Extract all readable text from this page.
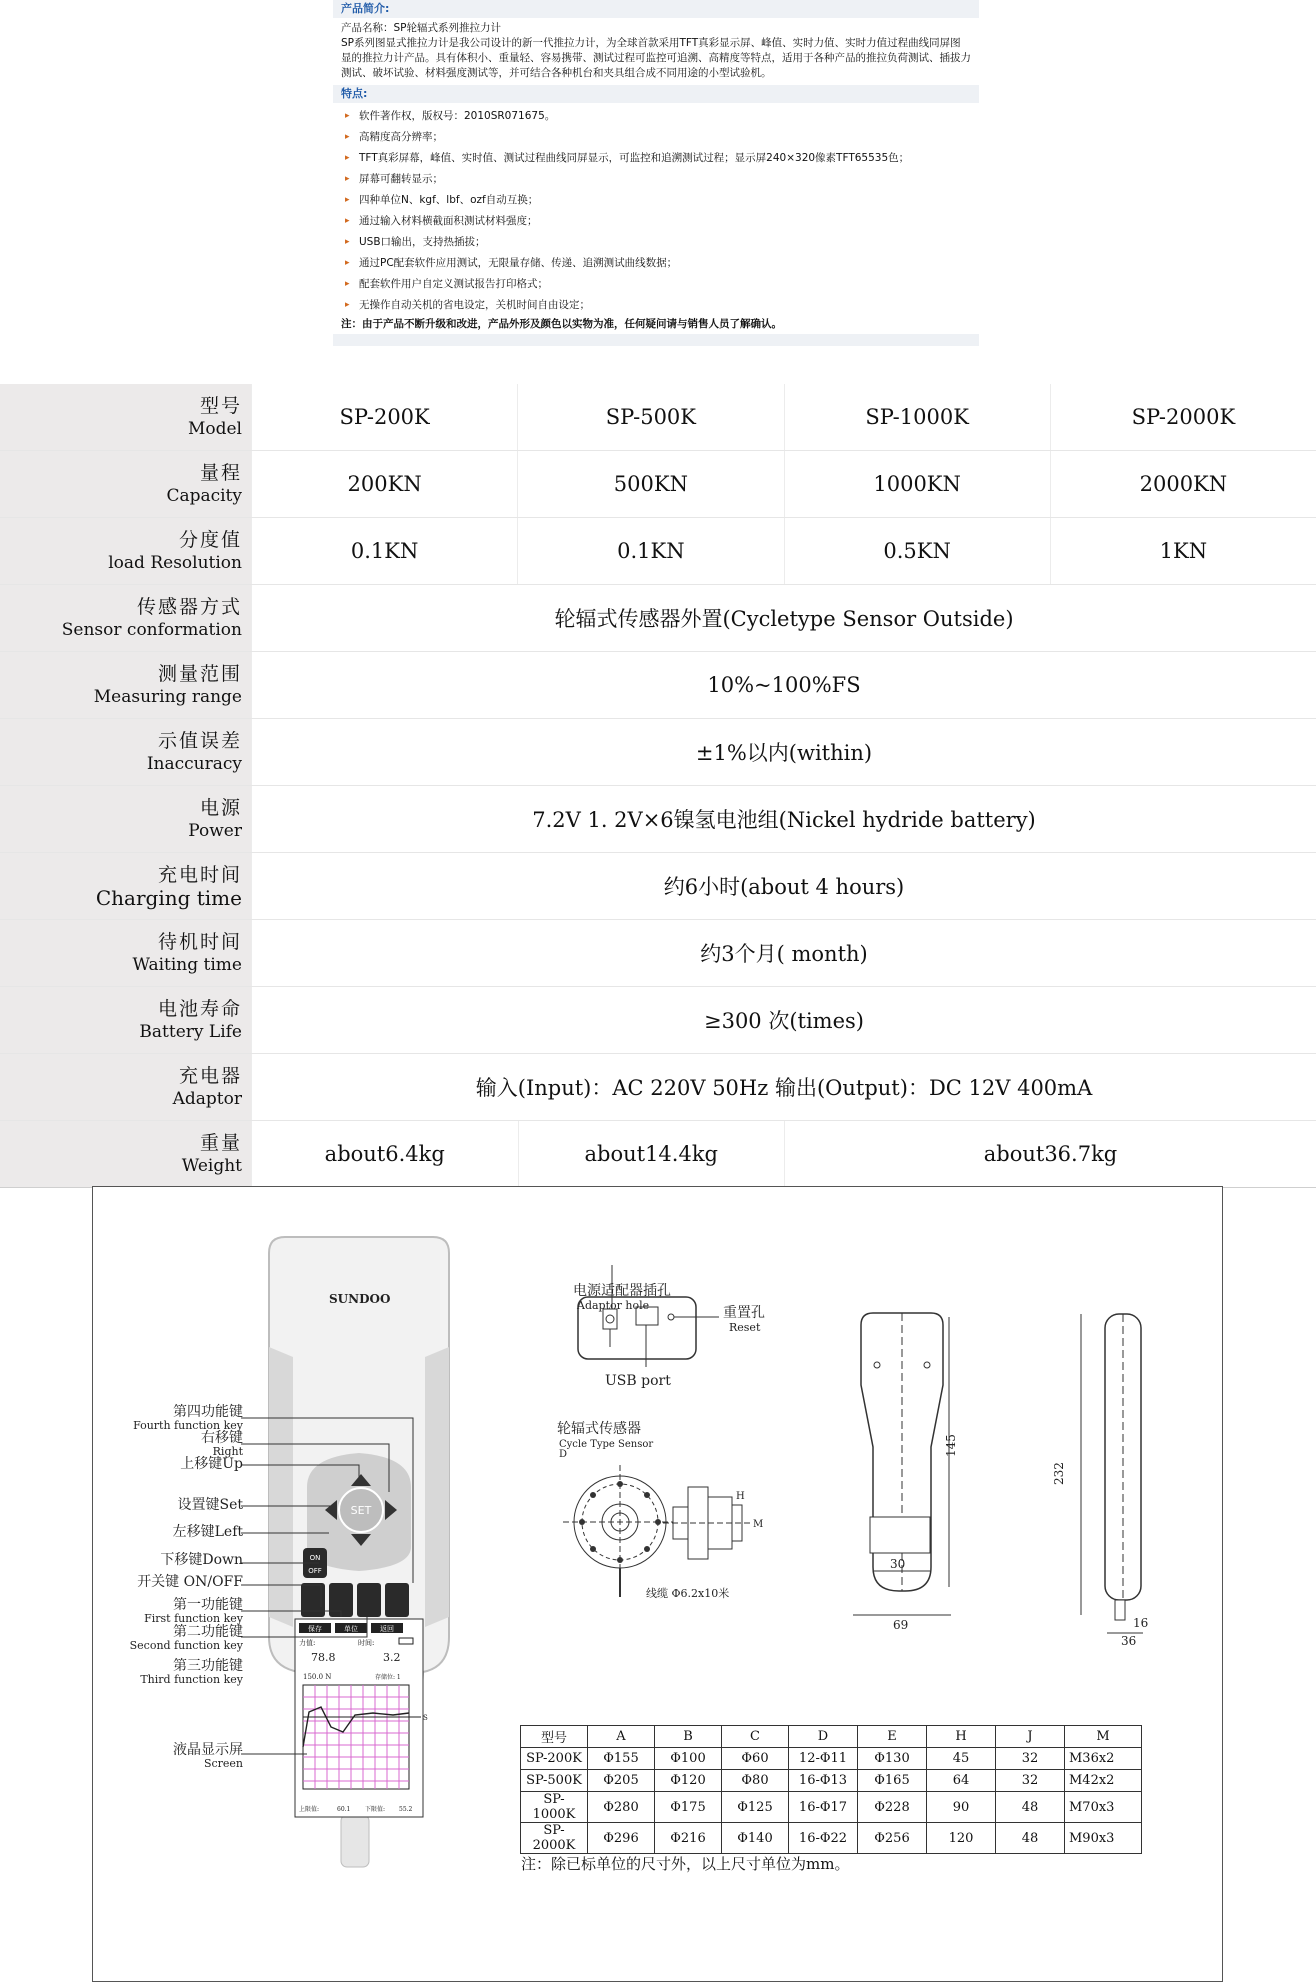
产品简介:

产品名称：SP轮辐式系列推拉力计

SP系列图显式推拉力计是我公司设计的新一代推拉力计，为全球首款采用TFT真彩显示屏、峰值、实时力值、实时力值过程曲线同屏图显的推拉力计产品。具有体积小、重量轻、容易携带、测试过程可监控可追溯、高精度等特点，适用于各种产品的推拉负荷测试、插拔力测试、破坏试验、材料强度测试等，并可结合各种机台和夹具组合成不同用途的小型试验机。

特点:
▸ 软件著作权，版权号：2010SR071675。
▸ 高精度高分辨率；
▸ TFT真彩屏幕，峰值、实时值、测试过程曲线同屏显示，可监控和追溯测试过程；显示屏240×320像素TFT65535色；
▸ 屏幕可翻转显示；
▸ 四种单位N、kgf、lbf、ozf自动互换；
▸ 通过输入材料横截面积测试材料强度；
▸ USB口输出，支持热插拔；
▸ 通过PC配套软件应用测试，无限量存储、传递、追溯测试曲线数据；
▸ 配套软件用户自定义测试报告打印格式；
▸ 无操作自动关机的省电设定，关机时间自由设定；

注：由于产品不断升级和改进，产品外形及颜色以实物为准，任何疑问请与销售人员了解确认。

型号
Model	SP-200K	SP-500K	SP-1000K	SP-2000K
量程
Capacity	200KN	500KN	1000KN	2000KN
分度值
load Resolution	0.1KN	0.1KN	0.5KN	1KN
传感器方式
Sensor conformation	轮辐式传感器外置(Cycletype Sensor Outside)
测量范围
Measuring range	10%~100%FS
示值误差
Inaccuracy	±1%以内(within)
电源
Power	7.2V 1. 2V×6镍氢电池组(Nickel hydride battery)
充电时间
Charging time	约6小时(about 4 hours)
待机时间
Waiting time	约3个月( month)
电池寿命
Battery Life	≥300 次(times)
充电器
Adaptor	输入(Input)：AC 220V 50Hz 输出(Output)：DC 12V 400mA
重量
Weight	about6.4kg	about14.4kg	about36.7kg
SUNDOO
SET
ON
OFF
保存	单位	返回
力值:	时间:
78.8	3.2
150.0 N	存储位: 1
S
上限值:	60.1 下限值: 55.2
电源适配器插孔
Adaptor hole	重置孔
Reset
USB port
轮辐式传感器
Cycle Type Sensor
D
H
M
线缆 Φ6.2x10米
145
30
69
232
16
36
第四功能键
Fourth function key
右移键
Right
上移键Up
设置键Set
左移键Left
下移键Down
开关键 ON/OFF
第一功能键
First function key
第二功能键
Second function key
第三功能键
Third function key
液晶显示屏
Screen
型号	A	B	C	D	E	H	J	M
SP-200K	Φ155	Φ100	Φ60	12-Φ11	Φ130	45	32	M36x2
SP-500K	Φ205	Φ120	Φ80	16-Φ13	Φ165	64	32	M42x2
SP-1000K	Φ280	Φ175	Φ125	16-Φ17	Φ228	90	48	M70x3
SP-2000K	Φ296	Φ216	Φ140	16-Φ22	Φ256	120	48	M90x3
注：除已标单位的尺寸外，以上尺寸单位为mm。
